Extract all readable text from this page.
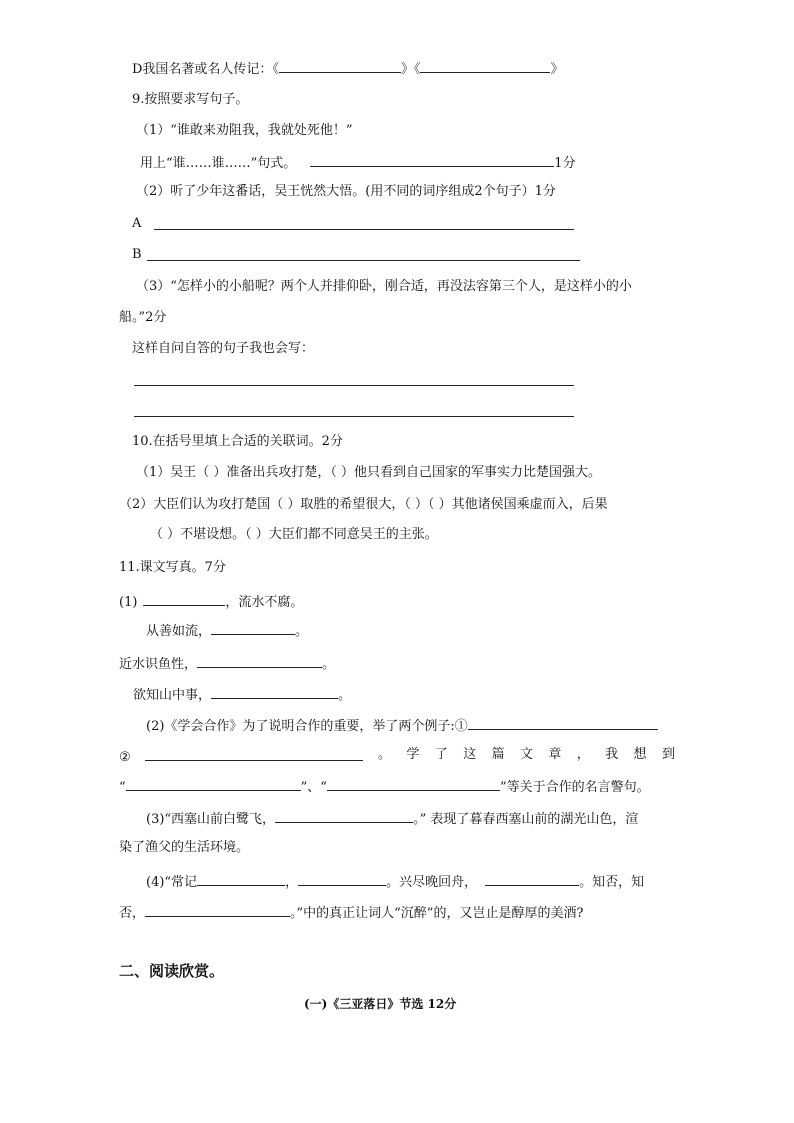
D我国名著或名人传记：《	》《	》
9.按照要求写句子。
（1）“谁敢来劝阻我，我就处死他！”
用上“谁……谁……”句式。	1分
（2）听了少年这番话，吴王恍然大悟。(用不同的词序组成2个句子）1分
A
B
（3）“怎样小的小船呢？两个人并排仰卧，刚合适，再没法容第三个人，是这样小的小
船。”2分
这样自问自答的句子我也会写：
10.在括号里填上合适的关联词。2分
（1）吴王（ ）准备出兵攻打楚，（ ）他只看到自己国家的军事实力比楚国强大。
（2）大臣们认为攻打楚国（ ）取胜的希望很大，（ ）（ ）其他诸侯国乘虚而入，后果
（ ）不堪设想。（ ）大臣们都不同意吴王的主张。
11.课文写真。7分
(1)	，流水不腐。
从善如流，	。
近水识鱼性，	。
欲知山中事，	。
(2)《学会合作》为了说明合作的重要，举了两个例子:①
②	。 学 了 这 篇 文 章 ， 我 想 到
“	”、“	”等关于合作的名言警句。
(3)“西塞山前白鹭飞，	。” 表现了暮春西塞山前的湖光山色，渲
染了渔父的生活环境。
(4)“常记	，	。兴尽晚回舟，	。知否，知
否，	。”中的真正让词人“沉醉”的，又岂止是醇厚的美酒?
二、阅读欣赏。
(一)《三亚落日》节选 12分
